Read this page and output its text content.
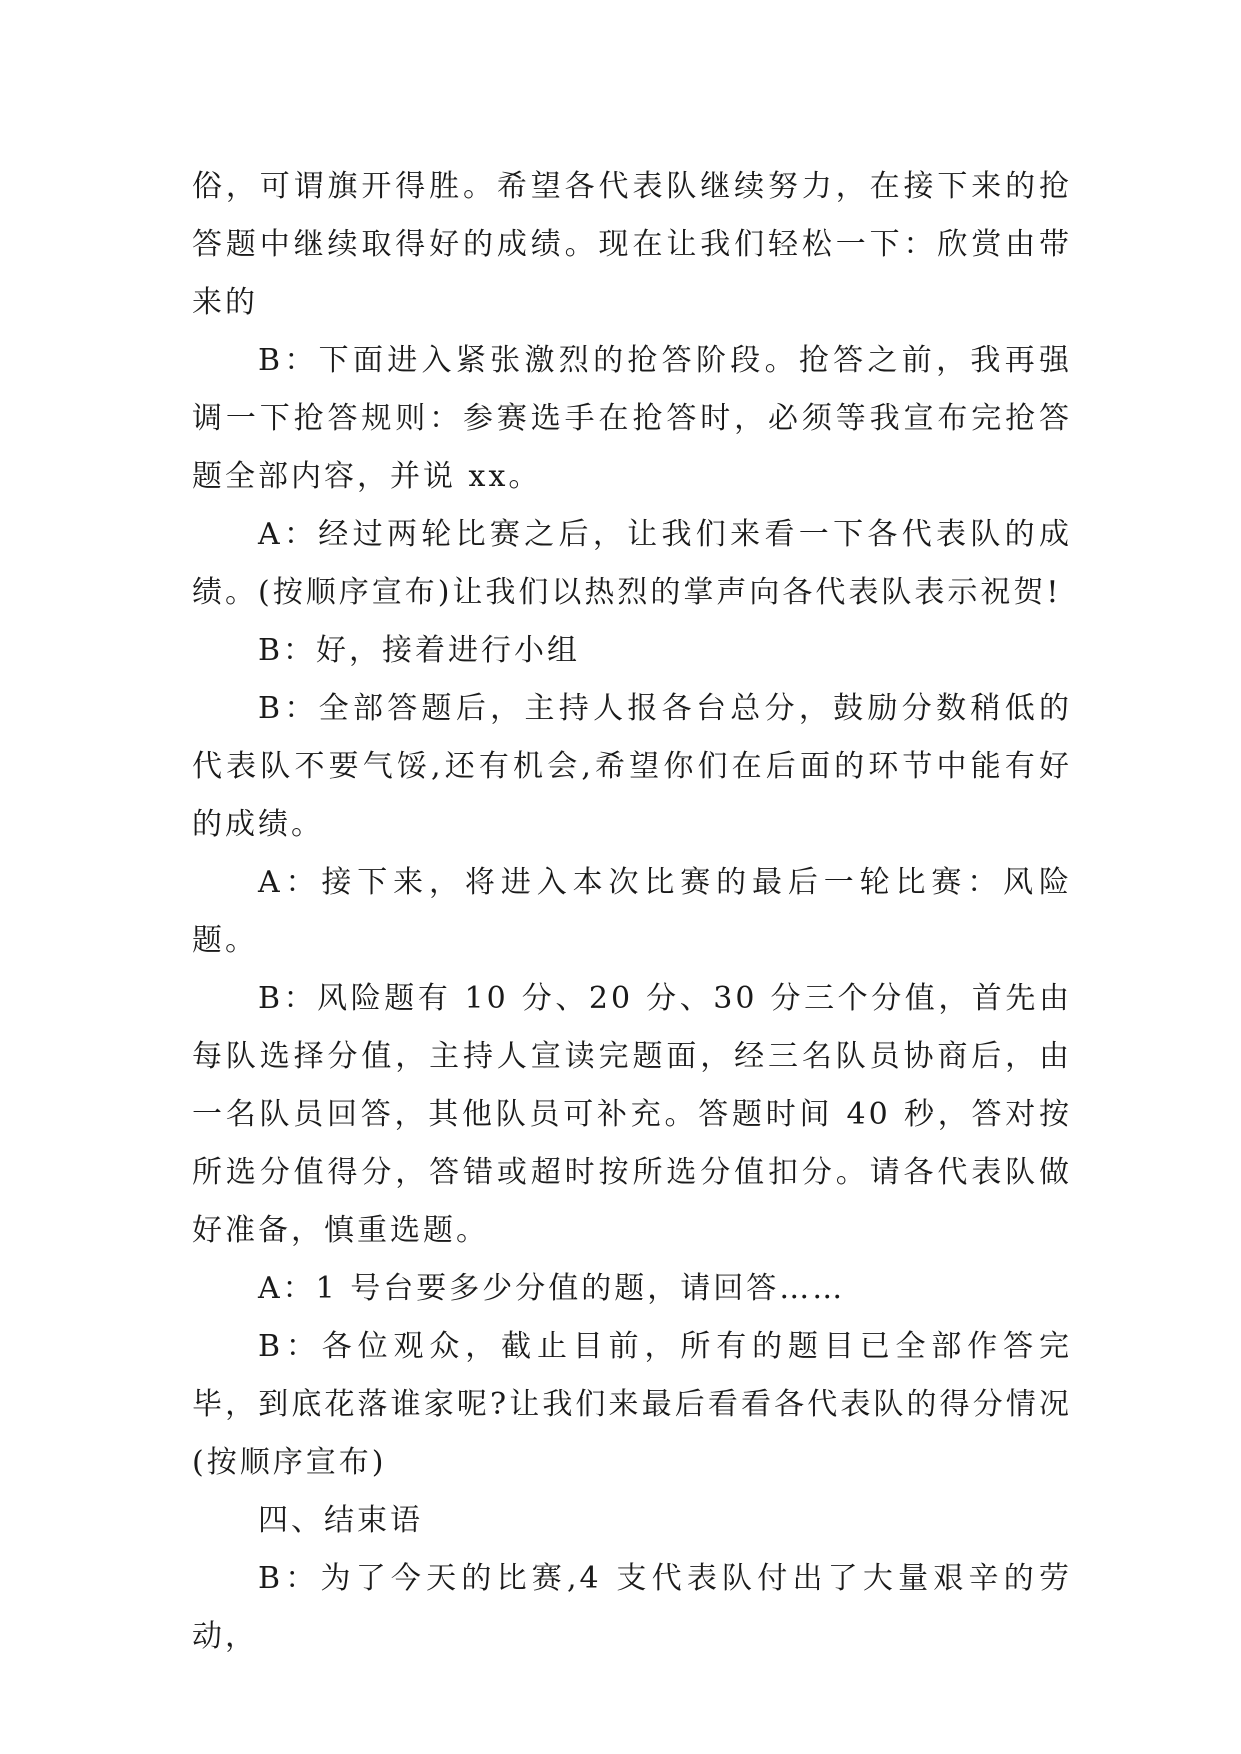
俗，可谓旗开得胜。希望各代表队继续努力，在接下来的抢答题中继续取得好的成绩。现在让我们轻松一下：欣赏由带来的

B：下面进入紧张激烈的抢答阶段。抢答之前，我再强调一下抢答规则：参赛选手在抢答时，必须等我宣布完抢答题全部内容，并说 xx。

A：经过两轮比赛之后，让我们来看一下各代表队的成绩。(按顺序宣布)让我们以热烈的掌声向各代表队表示祝贺!

B：好，接着进行小组

B：全部答题后，主持人报各台总分，鼓励分数稍低的代表队不要气馁,还有机会,希望你们在后面的环节中能有好的成绩。

A：接下来，将进入本次比赛的最后一轮比赛：风险题。

B：风险题有 10 分、20 分、30 分三个分值，首先由每队选择分值，主持人宣读完题面，经三名队员协商后，由一名队员回答，其他队员可补充。答题时间 40 秒，答对按所选分值得分，答错或超时按所选分值扣分。请各代表队做好准备，慎重选题。

A：1 号台要多少分值的题，请回答……

B：各位观众，截止目前，所有的题目已全部作答完毕，到底花落谁家呢?让我们来最后看看各代表队的得分情况(按顺序宣布)

四、结束语

B：为了今天的比赛,4 支代表队付出了大量艰辛的劳动，
